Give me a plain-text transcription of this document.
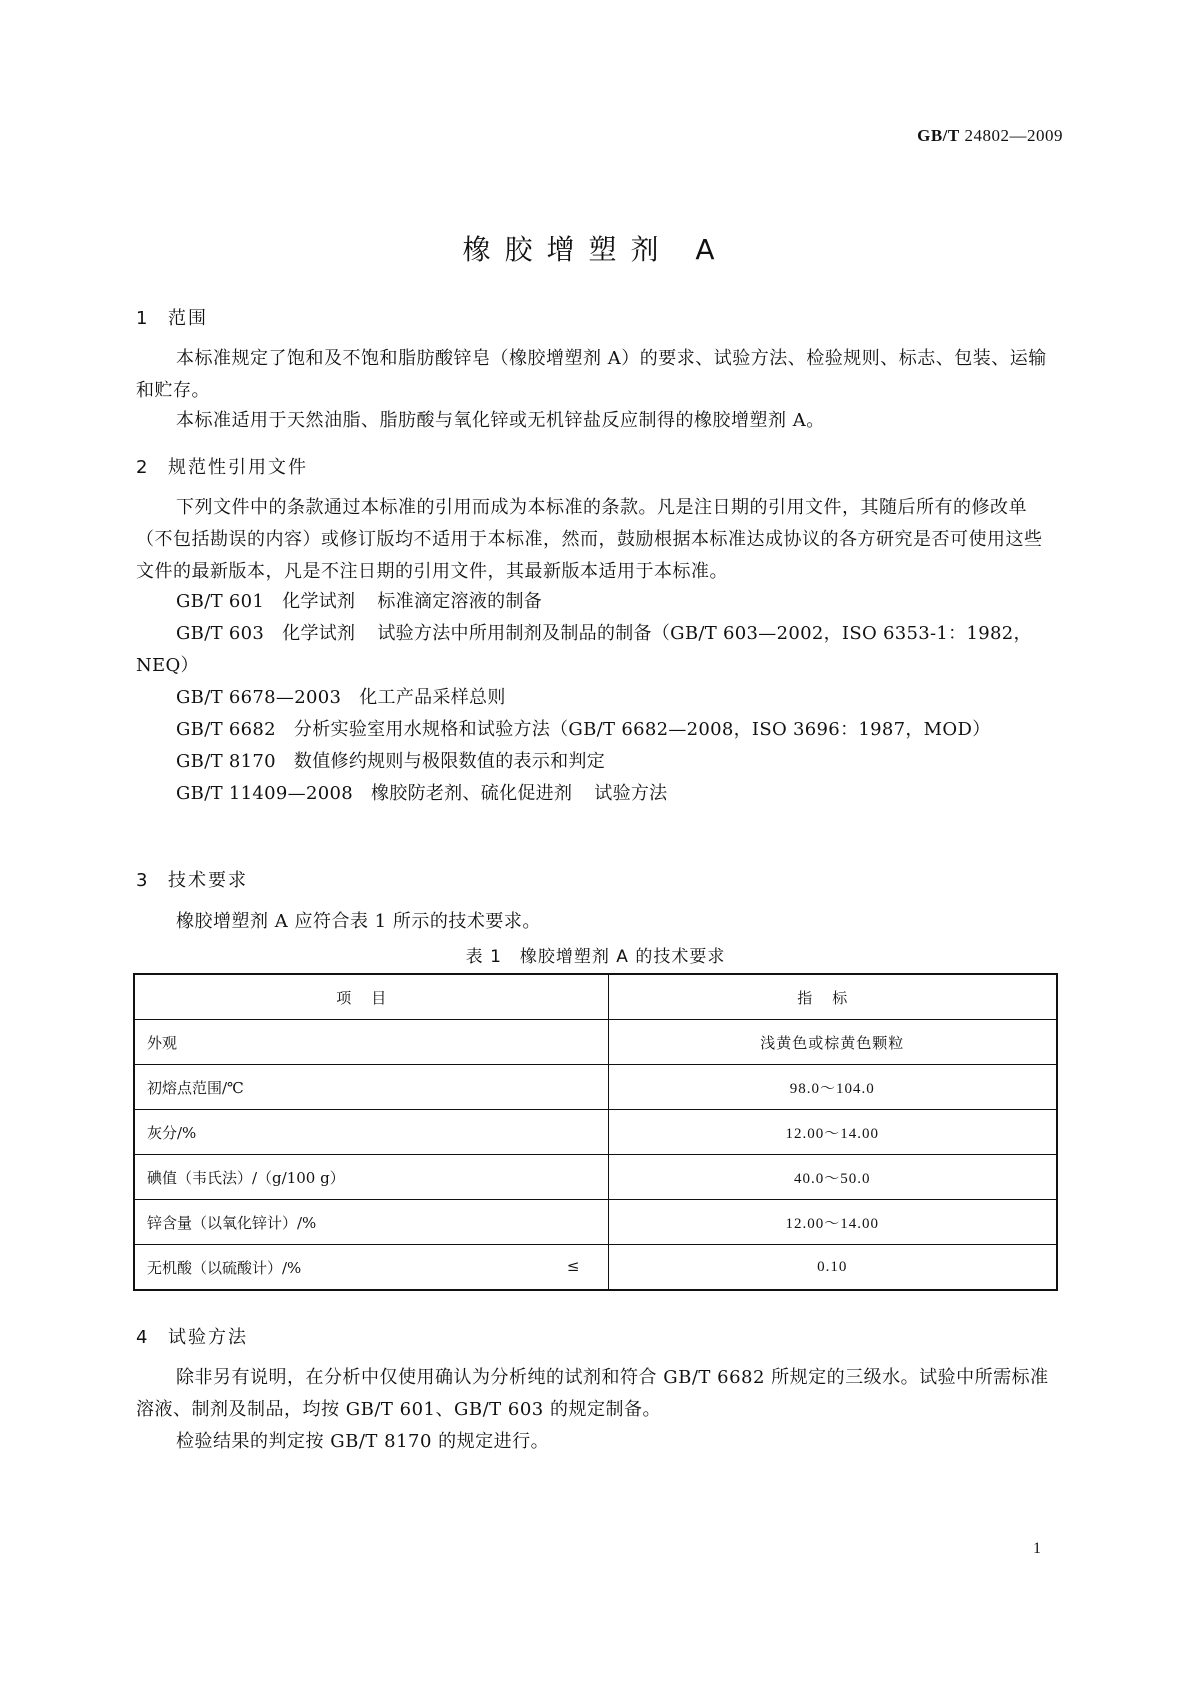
GB/T 24802—2009
橡胶增塑剂 A
1 范围
本标准规定了饱和及不饱和脂肪酸锌皂（橡胶增塑剂 A）的要求、试验方法、检验规则、标志、包装、运输和贮存。
本标准适用于天然油脂、脂肪酸与氧化锌或无机锌盐反应制得的橡胶增塑剂 A。
2 规范性引用文件
下列文件中的条款通过本标准的引用而成为本标准的条款。凡是注日期的引用文件，其随后所有的修改单（不包括勘误的内容）或修订版均不适用于本标准，然而，鼓励根据本标准达成协议的各方研究是否可使用这些文件的最新版本，凡是不注日期的引用文件，其最新版本适用于本标准。
GB/T 601 化学试剂 标准滴定溶液的制备
GB/T 603 化学试剂 试验方法中所用制剂及制品的制备（GB/T 603—2002，ISO 6353-1：1982，
NEQ）
GB/T 6678—2003 化工产品采样总则
GB/T 6682 分析实验室用水规格和试验方法（GB/T 6682—2008，ISO 3696：1987，MOD）
GB/T 8170 数值修约规则与极限数值的表示和判定
GB/T 11409—2008 橡胶防老剂、硫化促进剂 试验方法
3 技术要求
橡胶增塑剂 A 应符合表 1 所示的技术要求。
表 1　橡胶增塑剂 A 的技术要求
项目	指标
外观	浅黄色或棕黄色颗粒
初熔点范围/℃	98.0～104.0
灰分/%	12.00～14.00
碘值（韦氏法）/（g/100 g）	40.0～50.0
锌含量（以氧化锌计）/%	12.00～14.00
无机酸（以硫酸计）/% ≤	0.10
4 试验方法
除非另有说明，在分析中仅使用确认为分析纯的试剂和符合 GB/T 6682 所规定的三级水。试验中所需标准溶液、制剂及制品，均按 GB/T 601、GB/T 603 的规定制备。
检验结果的判定按 GB/T 8170 的规定进行。
1
